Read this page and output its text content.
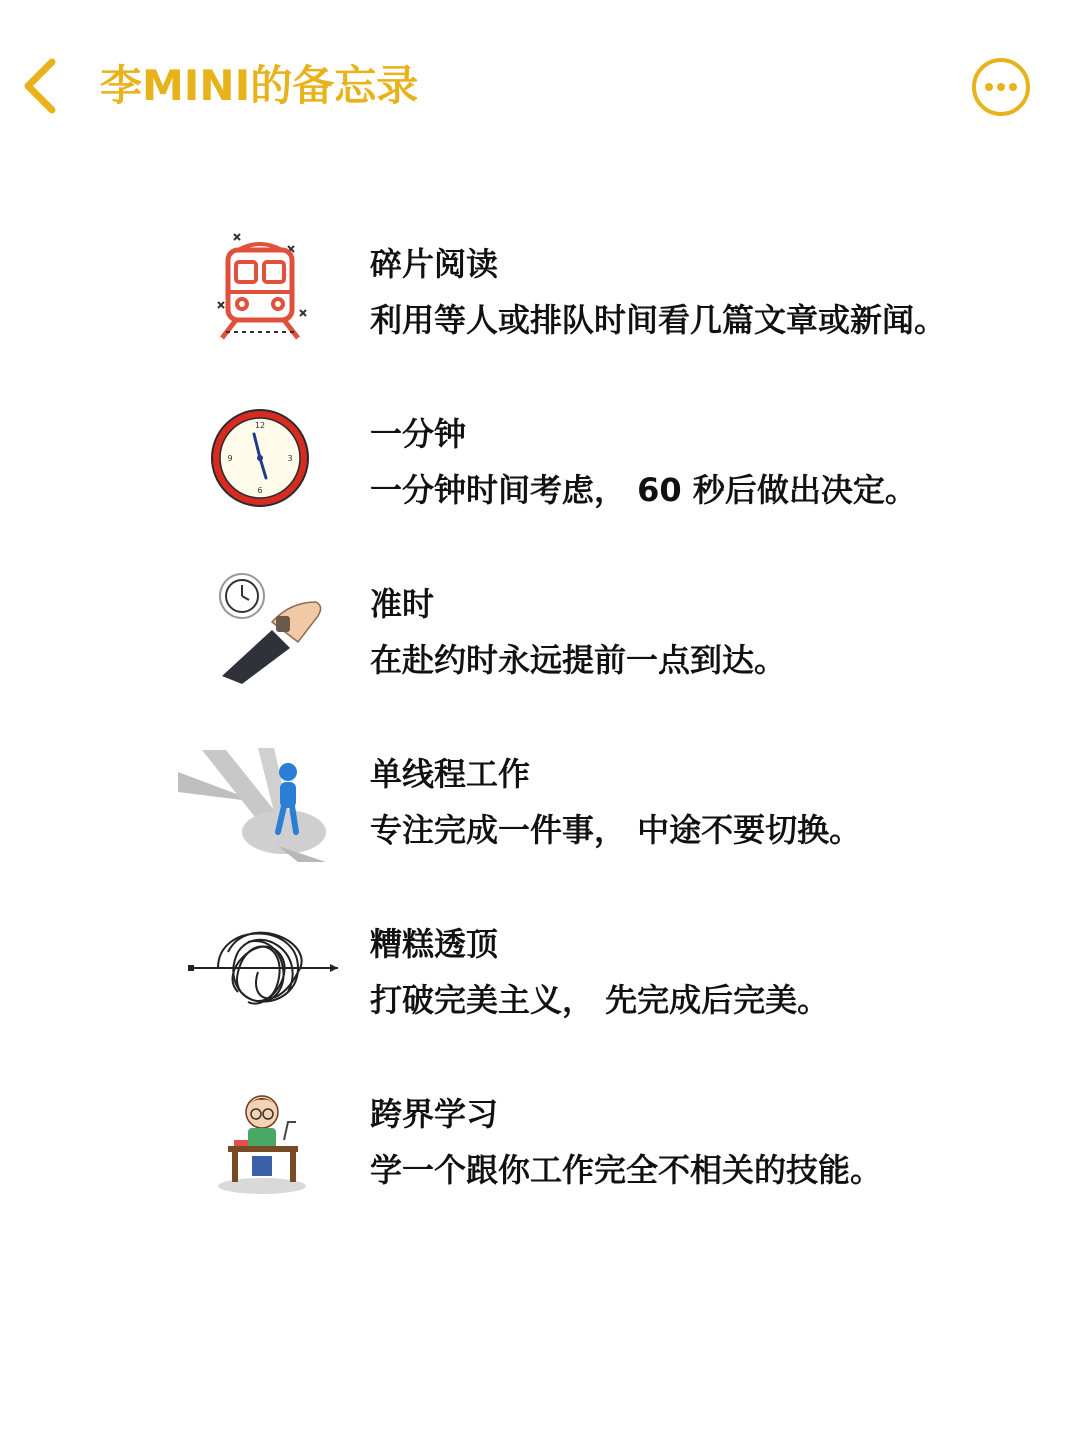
李MINI的备忘录
碎片阅读
利用等人或排队时间看几篇文章或新闻。
12
3
6
9
一分钟
一分钟时间考虑， 60 秒后做出决定。
准时
在赴约时永远提前一点到达。
单线程工作
专注完成一件事， 中途不要切换。
糟糕透顶
打破完美主义， 先完成后完美。
跨界学习
学一个跟你工作完全不相关的技能。
